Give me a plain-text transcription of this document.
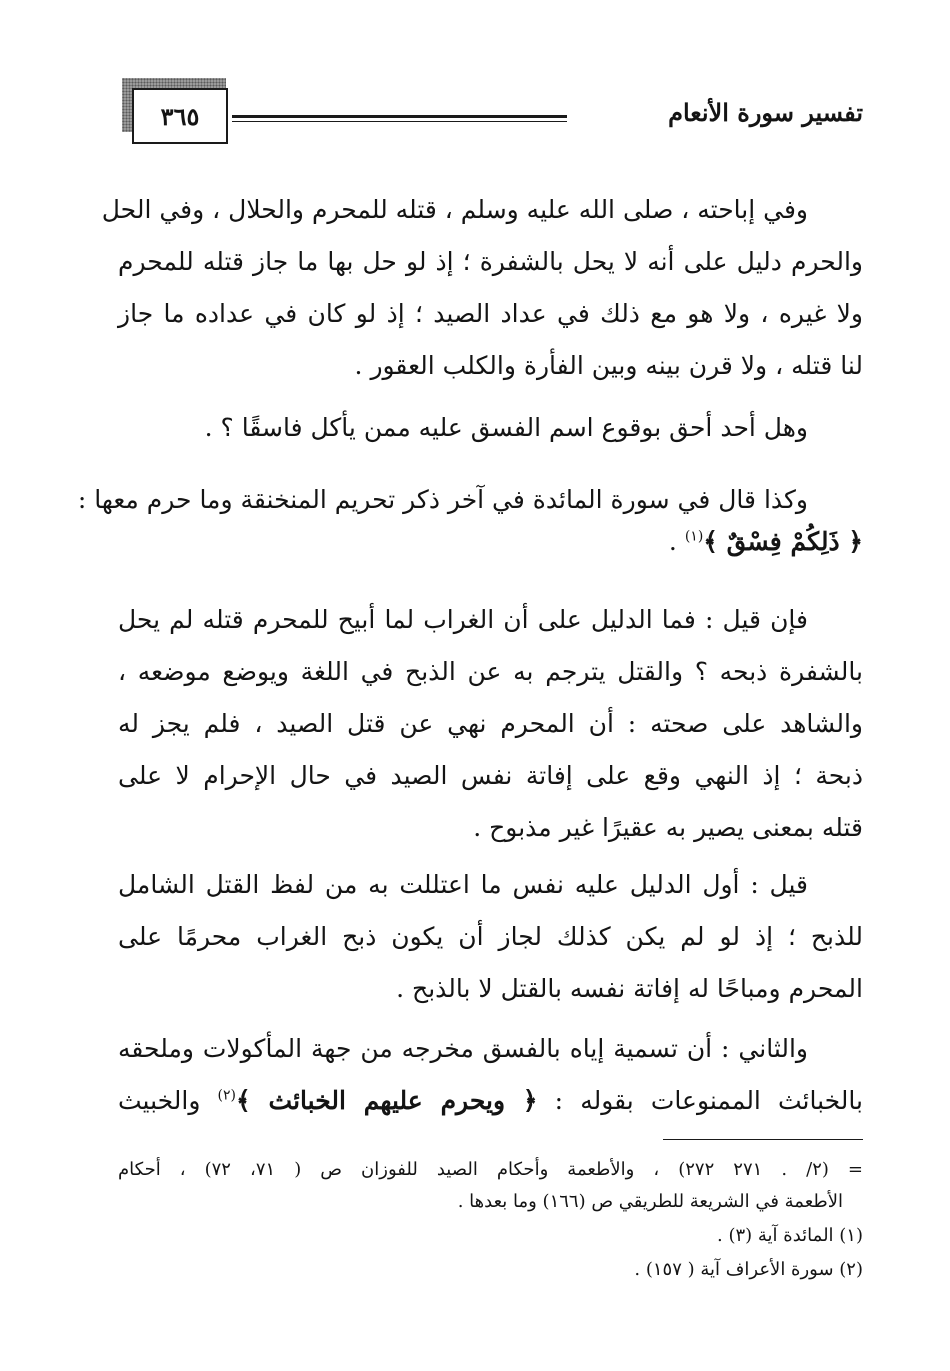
تفسير سورة الأنعام
٣٦٥
وفي إباحته ، صلى الله عليه وسلم ، قتله للمحرم والحلال ، وفي الحل
والحرم دليل على أنه لا يحل بالشفرة ؛ إذ لو حل بها ما جاز قتله للمحرم
ولا غيره ، ولا هو مع ذلك في عداد الصيد ؛ إذ لو كان في عداده ما جاز
لنا قتله ، ولا قرن بينه وبين الفأرة والكلب العقور .
وهل أحد أحق بوقوع اسم الفسق عليه ممن يأكل فاسقًا ؟ .
وكذا قال في سورة المائدة في آخر ذكر تحريم المنخنقة وما حرم معها :
﴿ ذَلِكُمْ فِسْقٌ ﴾$^{(١)}$ .
فإن قيل : فما الدليل على أن الغراب لما أبيح للمحرم قتله لم يحل
بالشفرة ذبحه ؟ والقتل يترجم به عن الذبح في اللغة ويوضع موضعه ،
والشاهد على صحته : أن المحرم نهي عن قتل الصيد ، فلم يجز له
ذبحة ؛ إذ النهي وقع على إفاتة نفس الصيد في حال الإحرام لا على
قتله بمعنى يصير به عقيرًا غير مذبوح .
قيل : أول الدليل عليه نفس ما اعتللت به من لفظ القتل الشامل
للذبح ؛ إذ لو لم يكن كذلك لجاز أن يكون ذبح الغراب محرمًا على
المحرم ومباحًا له إفاتة نفسه بالقتل لا بالذبح .
والثاني : أن تسمية إياه بالفسق مخرجه من جهة المأكولات وملحقه
بالخبائث الممنوعات بقوله : ﴿ ويحرم عليهم الخبائث ﴾$^{(٢)}$ والخبيث
= (٢/ . ٢٧١ ٢٧٢) ، والأطعمة وأحكام الصيد للفوزان ص ( ٧١، ٧٢) ، أحكام
الأطعمة في الشريعة للطريقي ص (١٦٦) وما بعدها .
(١) المائدة آية (٣) .
(٢) سورة الأعراف آية ( ١٥٧) .
